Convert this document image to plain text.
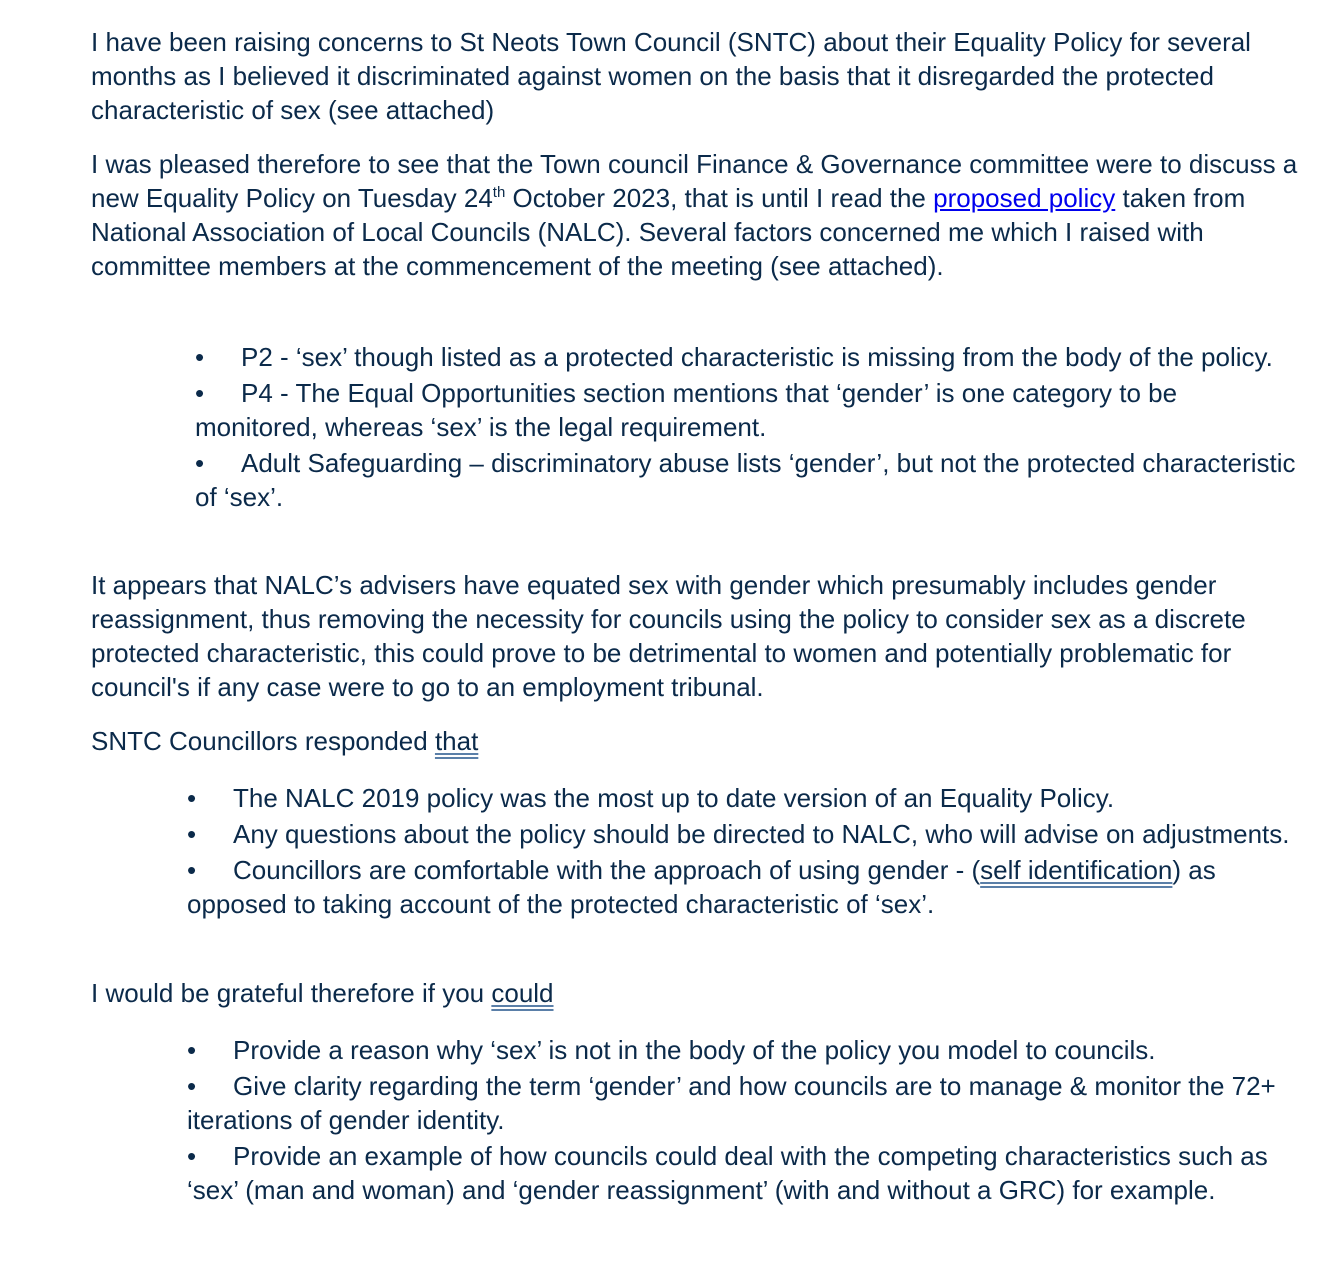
I have been raising concerns to St Neots Town Council (SNTC) about their Equality Policy for several months as I believed it discriminated against women on the basis that it disregarded the protected characteristic of sex (see attached)

I was pleased therefore to see that the Town council Finance & Governance committee were to discuss a new Equality Policy on Tuesday 24th October 2023, that is until I read the proposed policy taken from National Association of Local Councils (NALC). Several factors concerned me which I raised with committee members at the commencement of the meeting (see attached).

• P2 - ‘sex’ though listed as a protected characteristic is missing from the body of the policy.
• P4 - The Equal Opportunities section mentions that ‘gender’ is one category to be monitored, whereas ‘sex’ is the legal requirement.
• Adult Safeguarding – discriminatory abuse lists ‘gender’, but not the protected characteristic of ‘sex’.

It appears that NALC’s advisers have equated sex with gender which presumably includes gender reassignment, thus removing the necessity for councils using the policy to consider sex as a discrete protected characteristic, this could prove to be detrimental to women and potentially problematic for council's if any case were to go to an employment tribunal.

SNTC Councillors responded that

• The NALC 2019 policy was the most up to date version of an Equality Policy.
• Any questions about the policy should be directed to NALC, who will advise on adjustments.
• Councillors are comfortable with the approach of using gender - (self identification) as opposed to taking account of the protected characteristic of ‘sex’.

I would be grateful therefore if you could

• Provide a reason why ‘sex’ is not in the body of the policy you model to councils.
• Give clarity regarding the term ‘gender’ and how councils are to manage & monitor the 72+ iterations of gender identity.
• Provide an example of how councils could deal with the competing characteristics such as ‘sex’ (man and woman) and ‘gender reassignment’ (with and without a GRC) for example.
